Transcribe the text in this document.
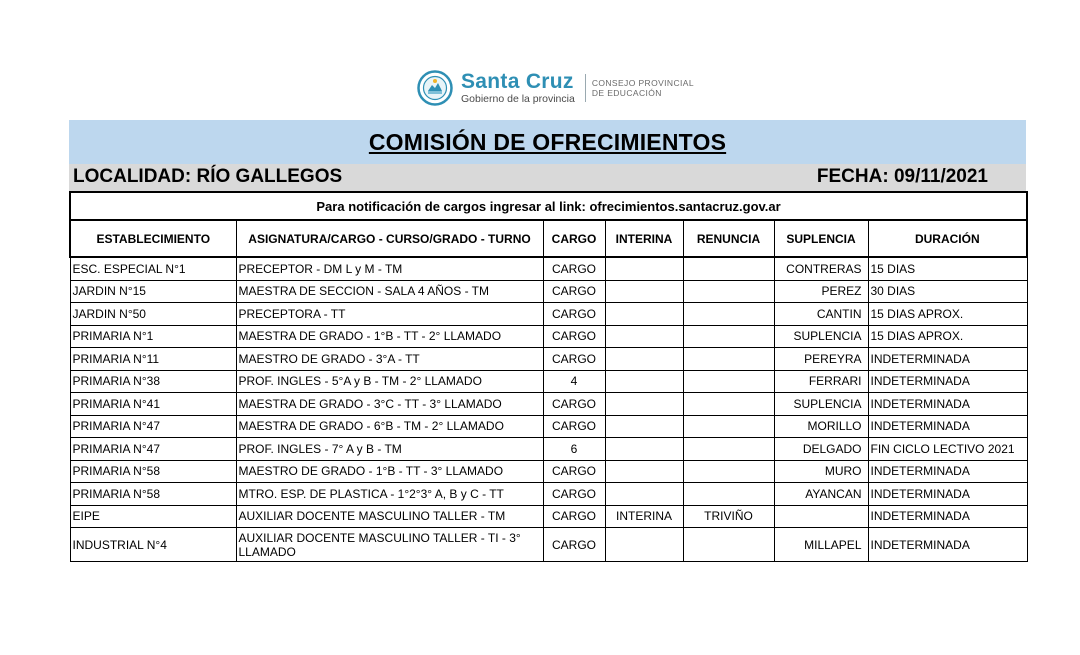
Santa Cruz
Gobierno de la provincia
CONSEJO PROVINCIAL
DE EDUCACIÓN
COMISIÓN DE OFRECIMIENTOS
LOCALIDAD: RÍO GALLEGOS	FECHA: 09/11/2021
Para notificación de cargos ingresar al link: ofrecimientos.santacruz.gov.ar						
ESTABLECIMIENTO	ASIGNATURA/CARGO - CURSO/GRADO - TURNO	CARGO	INTERINA	RENUNCIA	SUPLENCIA	DURACIÓN
ESC. ESPECIAL N°1	PRECEPTOR - DM L y M - TM	CARGO			CONTRERAS	15 DIAS
JARDIN N°15	MAESTRA DE SECCION - SALA 4 AÑOS - TM	CARGO			PEREZ	30 DIAS
JARDIN N°50	PRECEPTORA - TT	CARGO			CANTIN	15 DIAS APROX.
PRIMARIA N°1	MAESTRA DE GRADO - 1°B - TT - 2° LLAMADO	CARGO			SUPLENCIA	15 DIAS APROX.
PRIMARIA N°11	MAESTRO DE GRADO - 3°A - TT	CARGO			PEREYRA	INDETERMINADA
PRIMARIA N°38	PROF. INGLES - 5°A y B - TM - 2° LLAMADO	4			FERRARI	INDETERMINADA
PRIMARIA N°41	MAESTRA DE GRADO - 3°C - TT - 3° LLAMADO	CARGO			SUPLENCIA	INDETERMINADA
PRIMARIA N°47	MAESTRA DE GRADO - 6°B - TM - 2° LLAMADO	CARGO			MORILLO	INDETERMINADA
PRIMARIA N°47	PROF. INGLES - 7° A y B - TM	6			DELGADO	FIN CICLO LECTIVO 2021
PRIMARIA N°58	MAESTRO DE GRADO - 1°B - TT - 3° LLAMADO	CARGO			MURO	INDETERMINADA
PRIMARIA N°58	MTRO. ESP. DE PLASTICA - 1°2°3° A, B y C - TT	CARGO			AYANCAN	INDETERMINADA
EIPE	AUXILIAR DOCENTE MASCULINO TALLER - TM	CARGO	INTERINA	TRIVIÑO		INDETERMINADA
INDUSTRIAL N°4	AUXILIAR DOCENTE MASCULINO TALLER - TI - 3° LLAMADO	CARGO			MILLAPEL	INDETERMINADA
